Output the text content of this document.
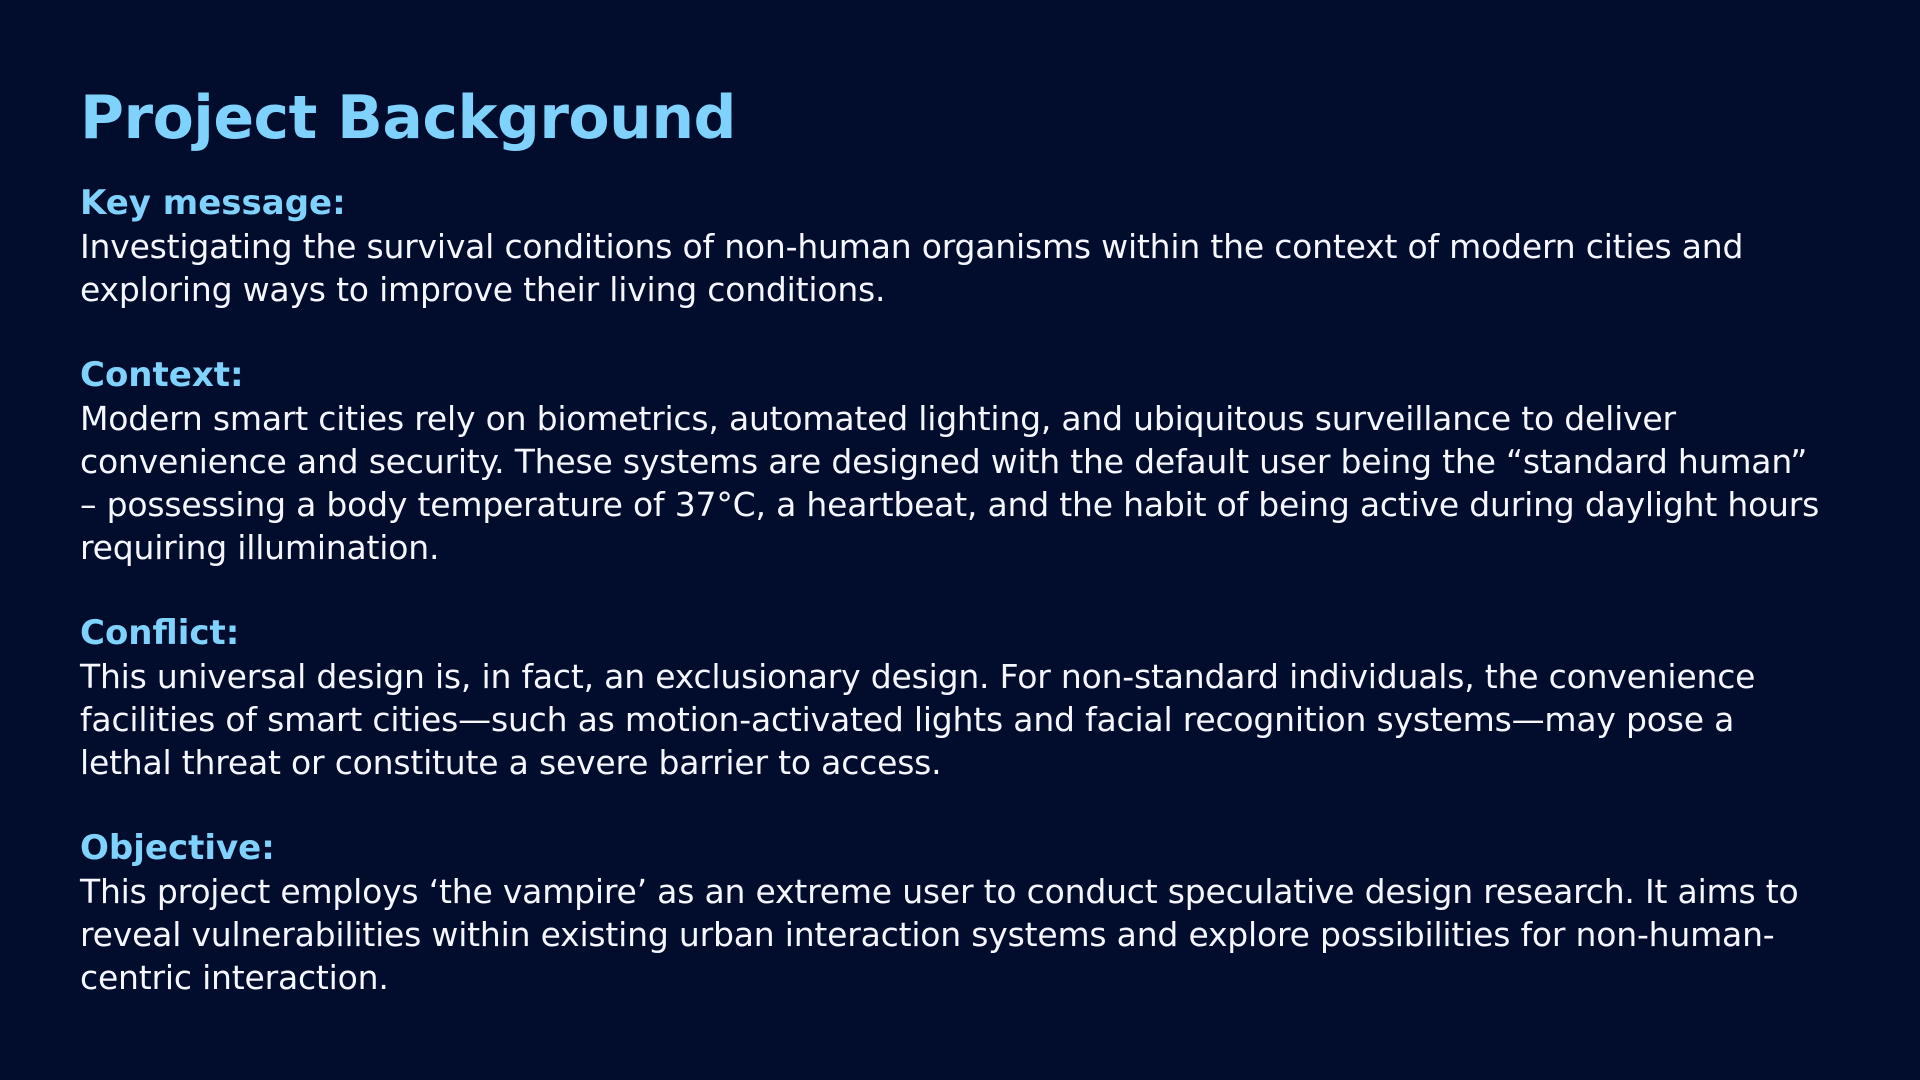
Project Background
Key message:

Investigating the survival conditions of non-human organisms within the context of modern cities and exploring ways to improve their living conditions.

Context:

Modern smart cities rely on biometrics, automated lighting, and ubiquitous surveillance to deliver convenience and security. These systems are designed with the default user being the “standard human” – possessing a body temperature of 37°C, a heartbeat, and the habit of being active during daylight hours requiring illumination.

Conflict:

This universal design is, in fact, an exclusionary design. For non-standard individuals, the convenience facilities of smart cities—such as motion-activated lights and facial recognition systems—may pose a lethal threat or constitute a severe barrier to access.

Objective:

This project employs ‘the vampire’ as an extreme user to conduct speculative design research. It aims to reveal vulnerabilities within existing urban interaction systems and explore possibilities for non-human-centric interaction.
